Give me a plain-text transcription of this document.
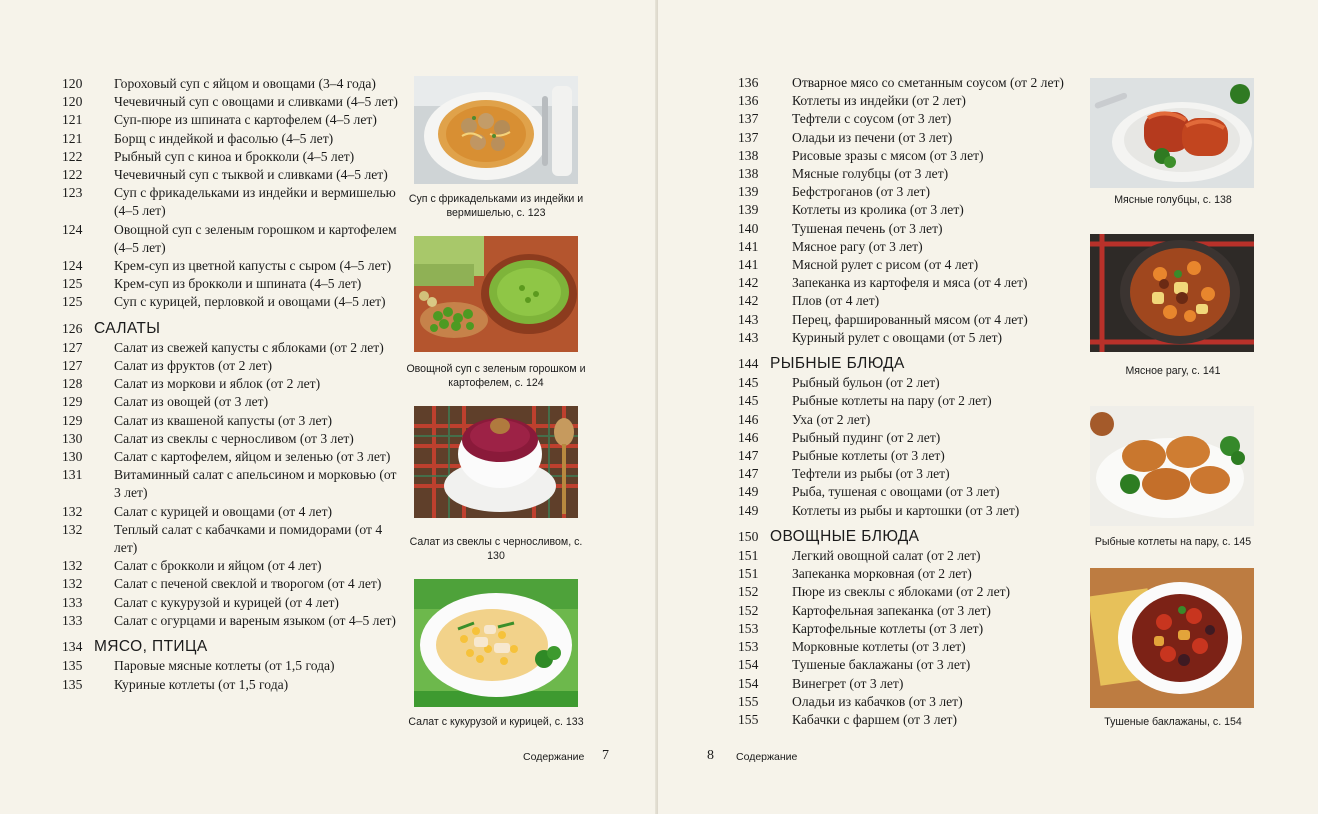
120	Гороховый суп с яйцом и овощами (3–4 года)
120	Чечевичный суп с овощами и сливками (4–5 лет)
121	Суп-пюре из шпината с картофелем (4–5 лет)
121	Борщ с индейкой и фасолью (4–5 лет)
122	Рыбный суп с киноа и брокколи (4–5 лет)
122	Чечевичный суп с тыквой и сливками (4–5 лет)
123	Суп с фрикадельками из индейки и вермишелью (4–5 лет)
124	Овощной суп с зеленым горошком и картофелем (4–5 лет)
124	Крем-суп из цветной капусты с сыром (4–5 лет)
125	Крем-суп из брокколи и шпината (4–5 лет)
125	Суп с курицей, перловкой и овощами (4–5 лет)
126 САЛАТЫ
127	Салат из свежей капусты с яблоками (от 2 лет)
127	Салат из фруктов (от 2 лет)
128	Салат из моркови и яблок (от 2 лет)
129	Салат из овощей (от 3 лет)
129	Салат из квашеной капусты (от 3 лет)
130	Салат из свеклы с черносливом (от 3 лет)
130	Салат с картофелем, яйцом и зеленью (от 3 лет)
131	Витаминный салат с апельсином и морковью (от 3 лет)
132	Салат с курицей и овощами (от 4 лет)
132	Теплый салат с кабачками и помидорами (от 4 лет)
132	Салат с брокколи и яйцом (от 4 лет)
132	Салат с печеной свеклой и творогом (от 4 лет)
133	Салат с кукурузой и курицей (от 4 лет)
133	Салат с огурцами и вареным языком (от 4–5 лет)
134 МЯСО, ПТИЦА
135	Паровые мясные котлеты (от 1,5 года)
135	Куриные котлеты (от 1,5 года)
Суп с фрикадельками из индейки и вермишелью, с. 123
Овощной суп с зеленым горошком и картофелем, с. 124
Салат из свеклы с черносливом, с. 130
Салат с кукурузой и курицей, с. 133
Содержание 7
136	Отварное мясо со сметанным соусом (от 2 лет)
136	Котлеты из индейки (от 2 лет)
137	Тефтели с соусом (от 3 лет)
137	Оладьи из печени (от 3 лет)
138	Рисовые зразы с мясом (от 3 лет)
138	Мясные голубцы (от 3 лет)
139	Бефстроганов (от 3 лет)
139	Котлеты из кролика (от 3 лет)
140	Тушеная печень (от 3 лет)
141	Мясное рагу (от 3 лет)
141	Мясной рулет с рисом (от 4 лет)
142	Запеканка из картофеля и мяса (от 4 лет)
142	Плов (от 4 лет)
143	Перец, фаршированный мясом (от 4 лет)
143	Куриный рулет с овощами (от 5 лет)
144 РЫБНЫЕ БЛЮДА
145	Рыбный бульон (от 2 лет)
145	Рыбные котлеты на пару (от 2 лет)
146	Уха (от 2 лет)
146	Рыбный пудинг (от 2 лет)
147	Рыбные котлеты (от 3 лет)
147	Тефтели из рыбы (от 3 лет)
149	Рыба, тушеная с овощами (от 3 лет)
149	Котлеты из рыбы и картошки (от 3 лет)
150 ОВОЩНЫЕ БЛЮДА
151	Легкий овощной салат (от 2 лет)
151	Запеканка морковная (от 2 лет)
152	Пюре из свеклы с яблоками (от 2 лет)
152	Картофельная запеканка (от 3 лет)
153	Картофельные котлеты (от 3 лет)
153	Морковные котлеты (от 3 лет)
154	Тушеные баклажаны (от 3 лет)
154	Винегрет (от 3 лет)
155	Оладьи из кабачков (от 3 лет)
155	Кабачки с фаршем (от 3 лет)
Мясные голубцы, с. 138
Мясное рагу, с. 141
Рыбные котлеты на пару, с. 145
Тушеные баклажаны, с. 154
8 Содержание
